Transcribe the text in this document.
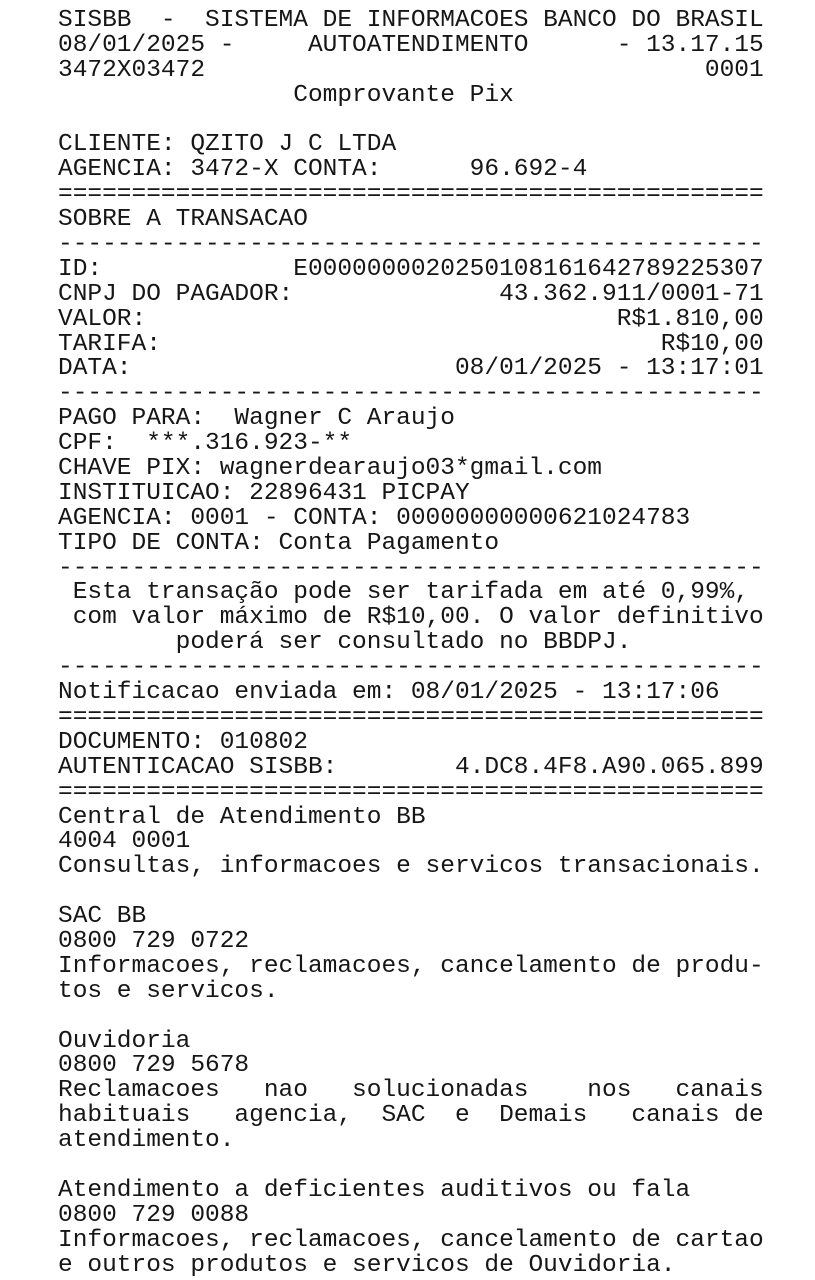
SISBB  -  SISTEMA DE INFORMACOES BANCO DO BRASIL
08/01/2025 -     AUTOATENDIMENTO      - 13.17.15
3472X03472                                  0001
Comprovante Pix

CLIENTE: QZITO J C LTDA
AGENCIA: 3472-X CONTA:      96.692-4
================================================
SOBRE A TRANSACAO
------------------------------------------------
ID:             E0000000020250108161642789225307
CNPJ DO PAGADOR:              43.362.911/0001-71
VALOR:                                R$1.810,00
TARIFA:                                  R$10,00
DATA:                      08/01/2025 - 13:17:01
------------------------------------------------
PAGO PARA:  Wagner C Araujo
CPF:  ***.316.923-**
CHAVE PIX: wagnerdearaujo03*gmail.com
INSTITUICAO: 22896431 PICPAY
AGENCIA: 0001 - CONTA: 00000000000621024783
TIPO DE CONTA: Conta Pagamento
------------------------------------------------
Esta transação pode ser tarifada em até 0,99%,
com valor máximo de R$10,00. O valor definitivo
poderá ser consultado no BBDPJ.
------------------------------------------------
Notificacao enviada em: 08/01/2025 - 13:17:06
================================================
DOCUMENTO: 010802
AUTENTICACAO SISBB:        4.DC8.4F8.A90.065.899
================================================
Central de Atendimento BB
4004 0001
Consultas, informacoes e servicos transacionais.

SAC BB
0800 729 0722
Informacoes, reclamacoes, cancelamento de produ-
tos e servicos.

Ouvidoria
0800 729 5678
Reclamacoes   nao   solucionadas    nos   canais
habituais   agencia,  SAC  e  Demais   canais de
atendimento.

Atendimento a deficientes auditivos ou fala
0800 729 0088
Informacoes, reclamacoes, cancelamento de cartao
e outros produtos e servicos de Ouvidoria.
